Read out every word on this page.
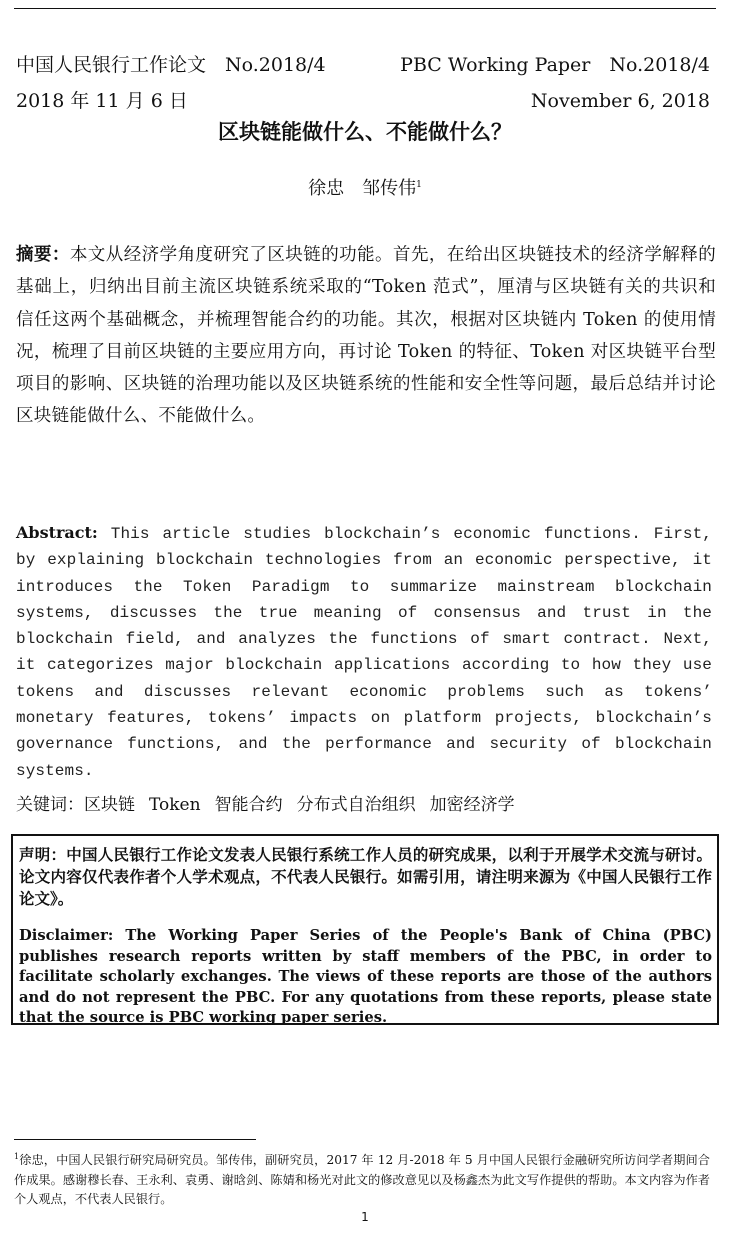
中国人民银行工作论文　No.2018/4	PBC Working Paper　No.2018/4
2018 年 11 月 6 日	November 6, 2018
区块链能做什么、不能做什么？
徐忠　邹传伟$^1$
摘要：本文从经济学角度研究了区块链的功能。首先，在给出区块链技术的经济学解释的基础上，归纳出目前主流区块链系统采取的“Token 范式”，厘清与区块链有关的共识和信任这两个基础概念，并梳理智能合约的功能。其次，根据对区块链内 Token 的使用情况，梳理了目前区块链的主要应用方向，再讨论 Token 的特征、Token 对区块链平台型项目的影响、区块链的治理功能以及区块链系统的性能和安全性等问题，最后总结并讨论区块链能做什么、不能做什么。
Abstract: This article studies blockchain’s economic functions. First, by explaining blockchain technologies from an economic perspective, it introduces the Token Paradigm to summarize mainstream blockchain systems, discusses the true meaning of consensus and trust in the blockchain field, and analyzes the functions of smart contract. Next, it categorizes major blockchain applications according to how they use tokens and discusses relevant economic problems such as tokens’ monetary features, tokens’ impacts on platform projects, blockchain’s governance functions, and the performance and security of blockchain systems.
关键词：区块链 Token 智能合约 分布式自治组织 加密经济学
声明：中国人民银行工作论文发表人民银行系统工作人员的研究成果，以利于开展学术交流与研讨。论文内容仅代表作者个人学术观点，不代表人民银行。如需引用，请注明来源为《中国人民银行工作论文》。
Disclaimer: The Working Paper Series of the People's Bank of China (PBC) publishes research reports written by staff members of the PBC, in order to facilitate scholarly exchanges. The views of these reports are those of the authors and do not represent the PBC. For any quotations from these reports, please state that the source is PBC working paper series.
$^1$徐忠，中国人民银行研究局研究员。邹传伟，副研究员，2017 年 12 月-2018 年 5 月中国人民银行金融研究所访问学者期间合作成果。感谢穆长春、王永利、袁勇、谢晗剑、陈婧和杨光对此文的修改意见以及杨鑫杰为此文写作提供的帮助。本文内容为作者个人观点，不代表人民银行。
1
